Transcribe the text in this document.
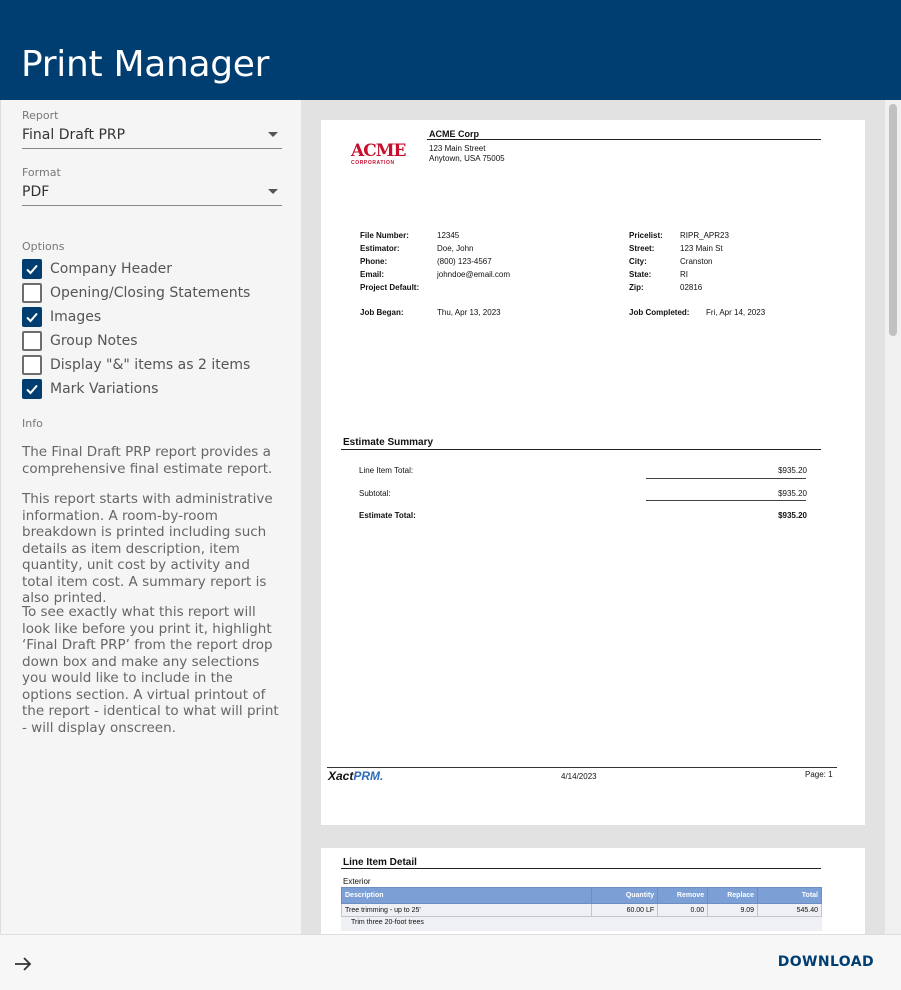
Print Manager
Report
Final Draft PRP
Format
PDF
Options
Company Header
Opening/Closing Statements
Images
Group Notes
Display "&" items as 2 items
Mark Variations
Info
The Final Draft PRP report provides a comprehensive final estimate report.
This report starts with administrative information. A room-by-room breakdown is printed including such details as item description, item quantity, unit cost by activity and total item cost. A summary report is also printed.
To see exactly what this report will look like before you print it, highlight ‘Final Draft PRP’ from the report drop down box and make any selections you would like to include in the options section. A virtual printout of the report - identical to what will print - will display onscreen.
ACME
CORPORATION
ACME Corp
123 Main Street
Anytown, USA 75005
File Number:	12345
Estimator:	Doe, John
Phone:	(800) 123-4567
Email:	johndoe@email.com
Project Default:
Pricelist: RIPR_APR23
Street:	123 Main St
City:	Cranston
State:	RI
Zip:	02816
Job Began:	Thu, Apr 13, 2023	Job Completed: Fri, Apr 14, 2023
Estimate Summary
Line Item Total:	$935.20
Subtotal:	$935.20
Estimate Total:	$935.20
XactPRM.	4/14/2023	Page: 1
Line Item Detail
Exterior
Description	Quantity	Remove	Replace	Total
Tree trimming - up to 25'	60.00 LF	0.00	9.09	545.40
Trim three 20-foot trees
DOWNLOAD
